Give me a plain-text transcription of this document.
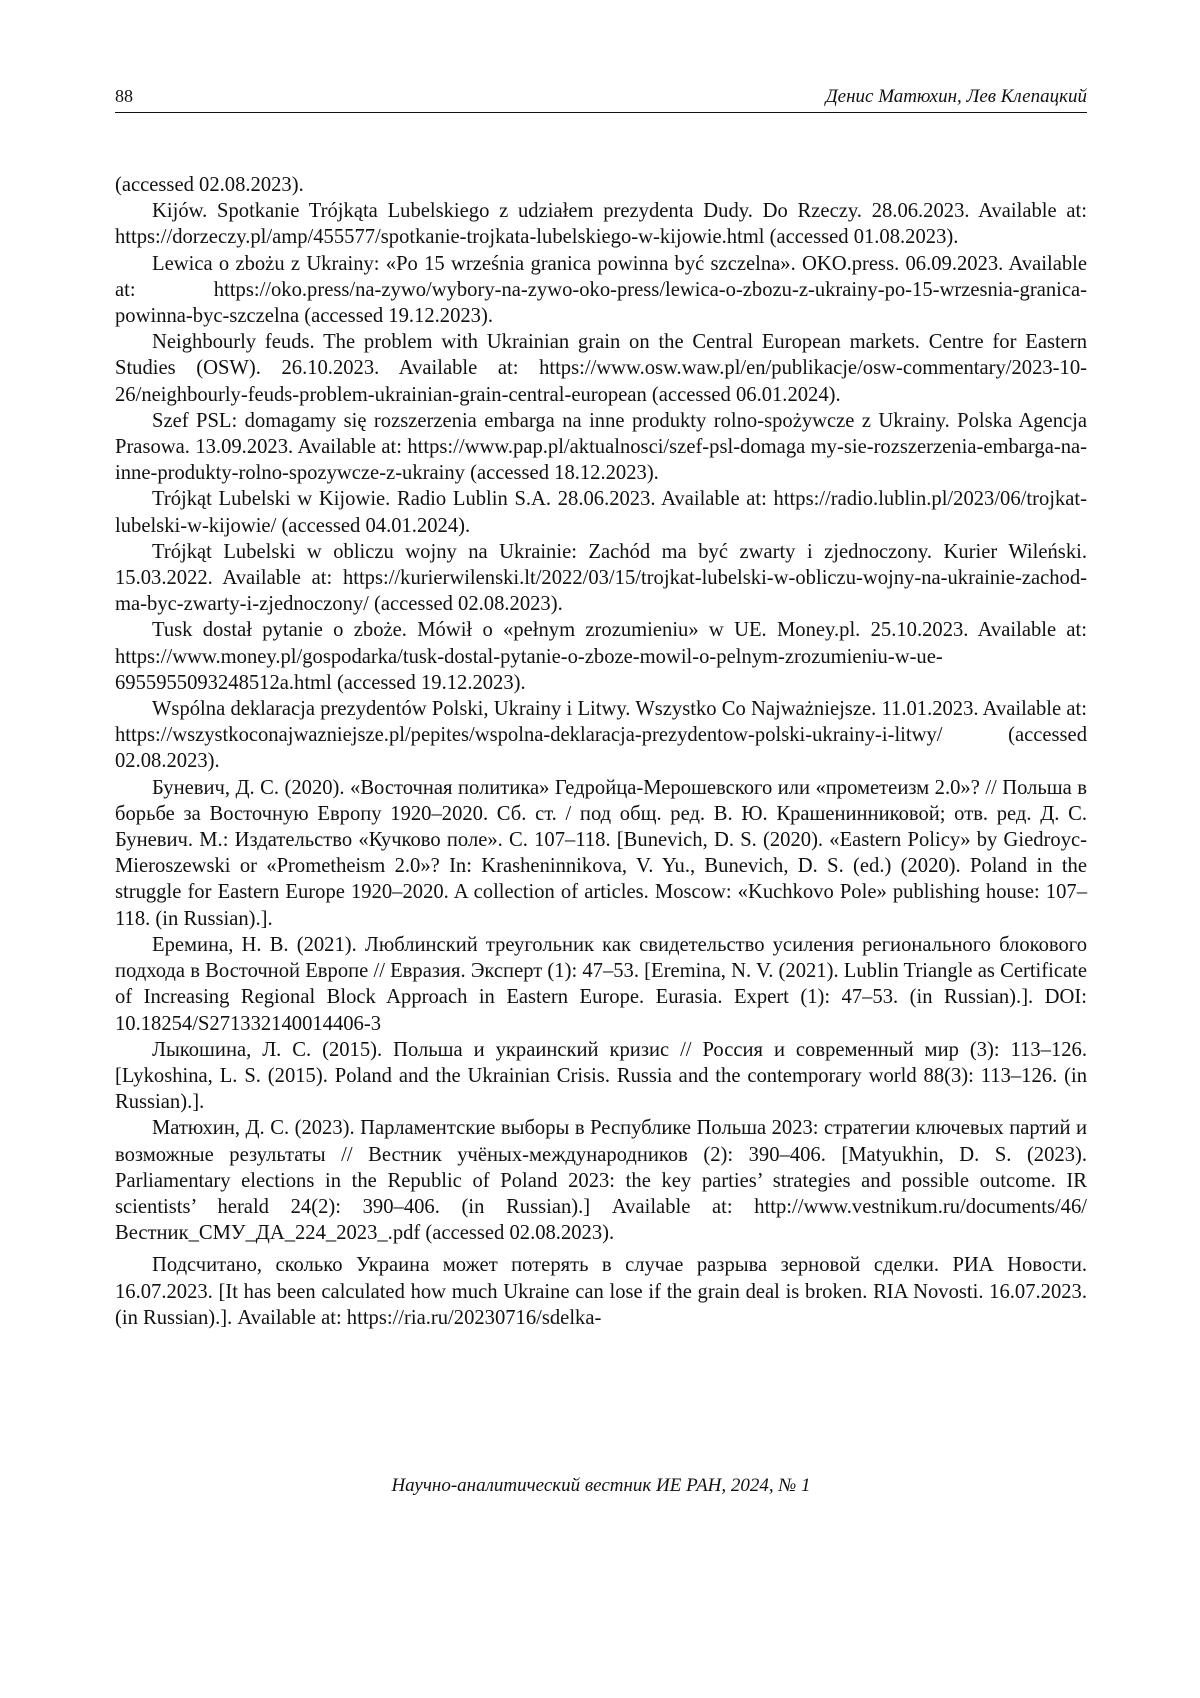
88	Денис Матюхин, Лев Клепацкий

(accessed 02.08.2023).

Kijów. Spotkanie Trójkąta Lubelskiego z udziałem prezydenta Dudy. Do Rzeczy. 28.06.2023. Available at: https://dorzeczy.pl/amp/455577/spotkanie-trojkata-lubelskiego-w-kijowie.html (accessed 01.08.2023).

Lewica o zbożu z Ukrainy: «Po 15 września granica powinna być szczelna». OKO.press. 06.09.2023. Available at: https://oko.press/na-zywo/wybory-na-zywo-oko-press/lewica-o-zbozu-z-ukrainy-po-15-wrzesnia-granica-powinna-byc-szczelna (accessed 19.12.2023).

Neighbourly feuds. The problem with Ukrainian grain on the Central European markets. Centre for Eastern Studies (OSW). 26.10.2023. Available at: https://www.osw.waw.pl/en/publikacje/osw-commentary/2023-10-26/neighbourly-feuds-problem-ukrainian-grain-central-european (accessed 06.01.2024).

Szef PSL: domagamy się rozszerzenia embarga na inne produkty rolno-spożywcze z Ukrainy. Polska Agencja Prasowa. 13.09.2023. Available at: https://www.pap.pl/aktualnosci/szef-psl-domaga my-sie-rozszerzenia-embarga-na-inne-produkty-rolno-spozywcze-z-ukrainy (accessed 18.12.2023).

Trójkąt Lubelski w Kijowie. Radio Lublin S.A. 28.06.2023. Available at: https://radio.lublin.pl/2023/06/trojkat-lubelski-w-kijowie/ (accessed 04.01.2024).

Trójkąt Lubelski w obliczu wojny na Ukrainie: Zachód ma być zwarty i zjednoczony. Kurier Wileński. 15.03.2022. Available at: https://kurierwilenski.lt/2022/03/15/trojkat-lubelski-w-obliczu-wojny-na-ukrainie-zachod-ma-byc-zwarty-i-zjednoczony/ (accessed 02.08.2023).

Tusk dostał pytanie o zboże. Mówił o «pełnym zrozumieniu» w UE. Money.pl. 25.10.2023. Available at: https://www.money.pl/gospodarka/tusk-dostal-pytanie-o-zboze-mowil-o-pelnym-zrozumieniu-w-ue-6955955093248512a.html (accessed 19.12.2023).

Wspólna deklaracja prezydentów Polski, Ukrainy i Litwy. Wszystko Co Najważniejsze. 11.01.2023. Available at: https://wszystkoconajwazniejsze.pl/pepites/wspolna-deklaracja-prezydentow-polski-ukrainy-i-litwy/ (accessed 02.08.2023).

Буневич, Д. С. (2020). «Восточная политика» Гедройца-Мерошевского или «прометеизм 2.0»? // Польша в борьбе за Восточную Европу 1920–2020. Сб. ст. / под общ. ред. В. Ю. Крашенинниковой; отв. ред. Д. С. Буневич. М.: Издательство «Кучково поле». С. 107–118. [Bunevich, D. S. (2020). «Eastern Policy» by Giedroyc-Mieroszewski or «Prometheism 2.0»? In: Krasheninnikova, V. Yu., Bunevich, D. S. (ed.) (2020). Poland in the struggle for Eastern Europe 1920–2020. A collection of articles. Moscow: «Kuchkovo Pole» publishing house: 107–118. (in Russian).].

Еремина, Н. В. (2021). Люблинский треугольник как свидетельство усиления регионального блокового подхода в Восточной Европе // Евразия. Эксперт (1): 47–53. [Eremina, N. V. (2021). Lublin Triangle as Certificate of Increasing Regional Block Approach in Eastern Europe. Eurasia. Expert (1): 47–53. (in Russian).]. DOI: 10.18254/S271332140014406-3

Лыкошина, Л. С. (2015). Польша и украинский кризис // Россия и современный мир (3): 113–126. [Lykoshina, L. S. (2015). Poland and the Ukrainian Crisis. Russia and the contemporary world 88(3): 113–126. (in Russian).].

Матюхин, Д. С. (2023). Парламентские выборы в Республике Польша 2023: стратегии ключевых партий и возможные результаты // Вестник учёных-международников (2): 390–406. [Matyukhin, D. S. (2023). Parliamentary elections in the Republic of Poland 2023: the key parties’ strategies and possible outcome. IR scientists’ herald 24(2): 390–406. (in Russian).] Available at: http://www.vestnikum.ru/documents/46/Вестник_СМУ_ДА_224_2023_.pdf (accessed 02.08.2023).

Подсчитано, сколько Украина может потерять в случае разрыва зерновой сделки. РИА Новости. 16.07.2023. [It has been calculated how much Ukraine can lose if the grain deal is broken. RIA Novosti. 16.07.2023. (in Russian).]. Available at: https://ria.ru/20230716/sdelka-

Научно-аналитический вестник ИЕ РАН, 2024, № 1
